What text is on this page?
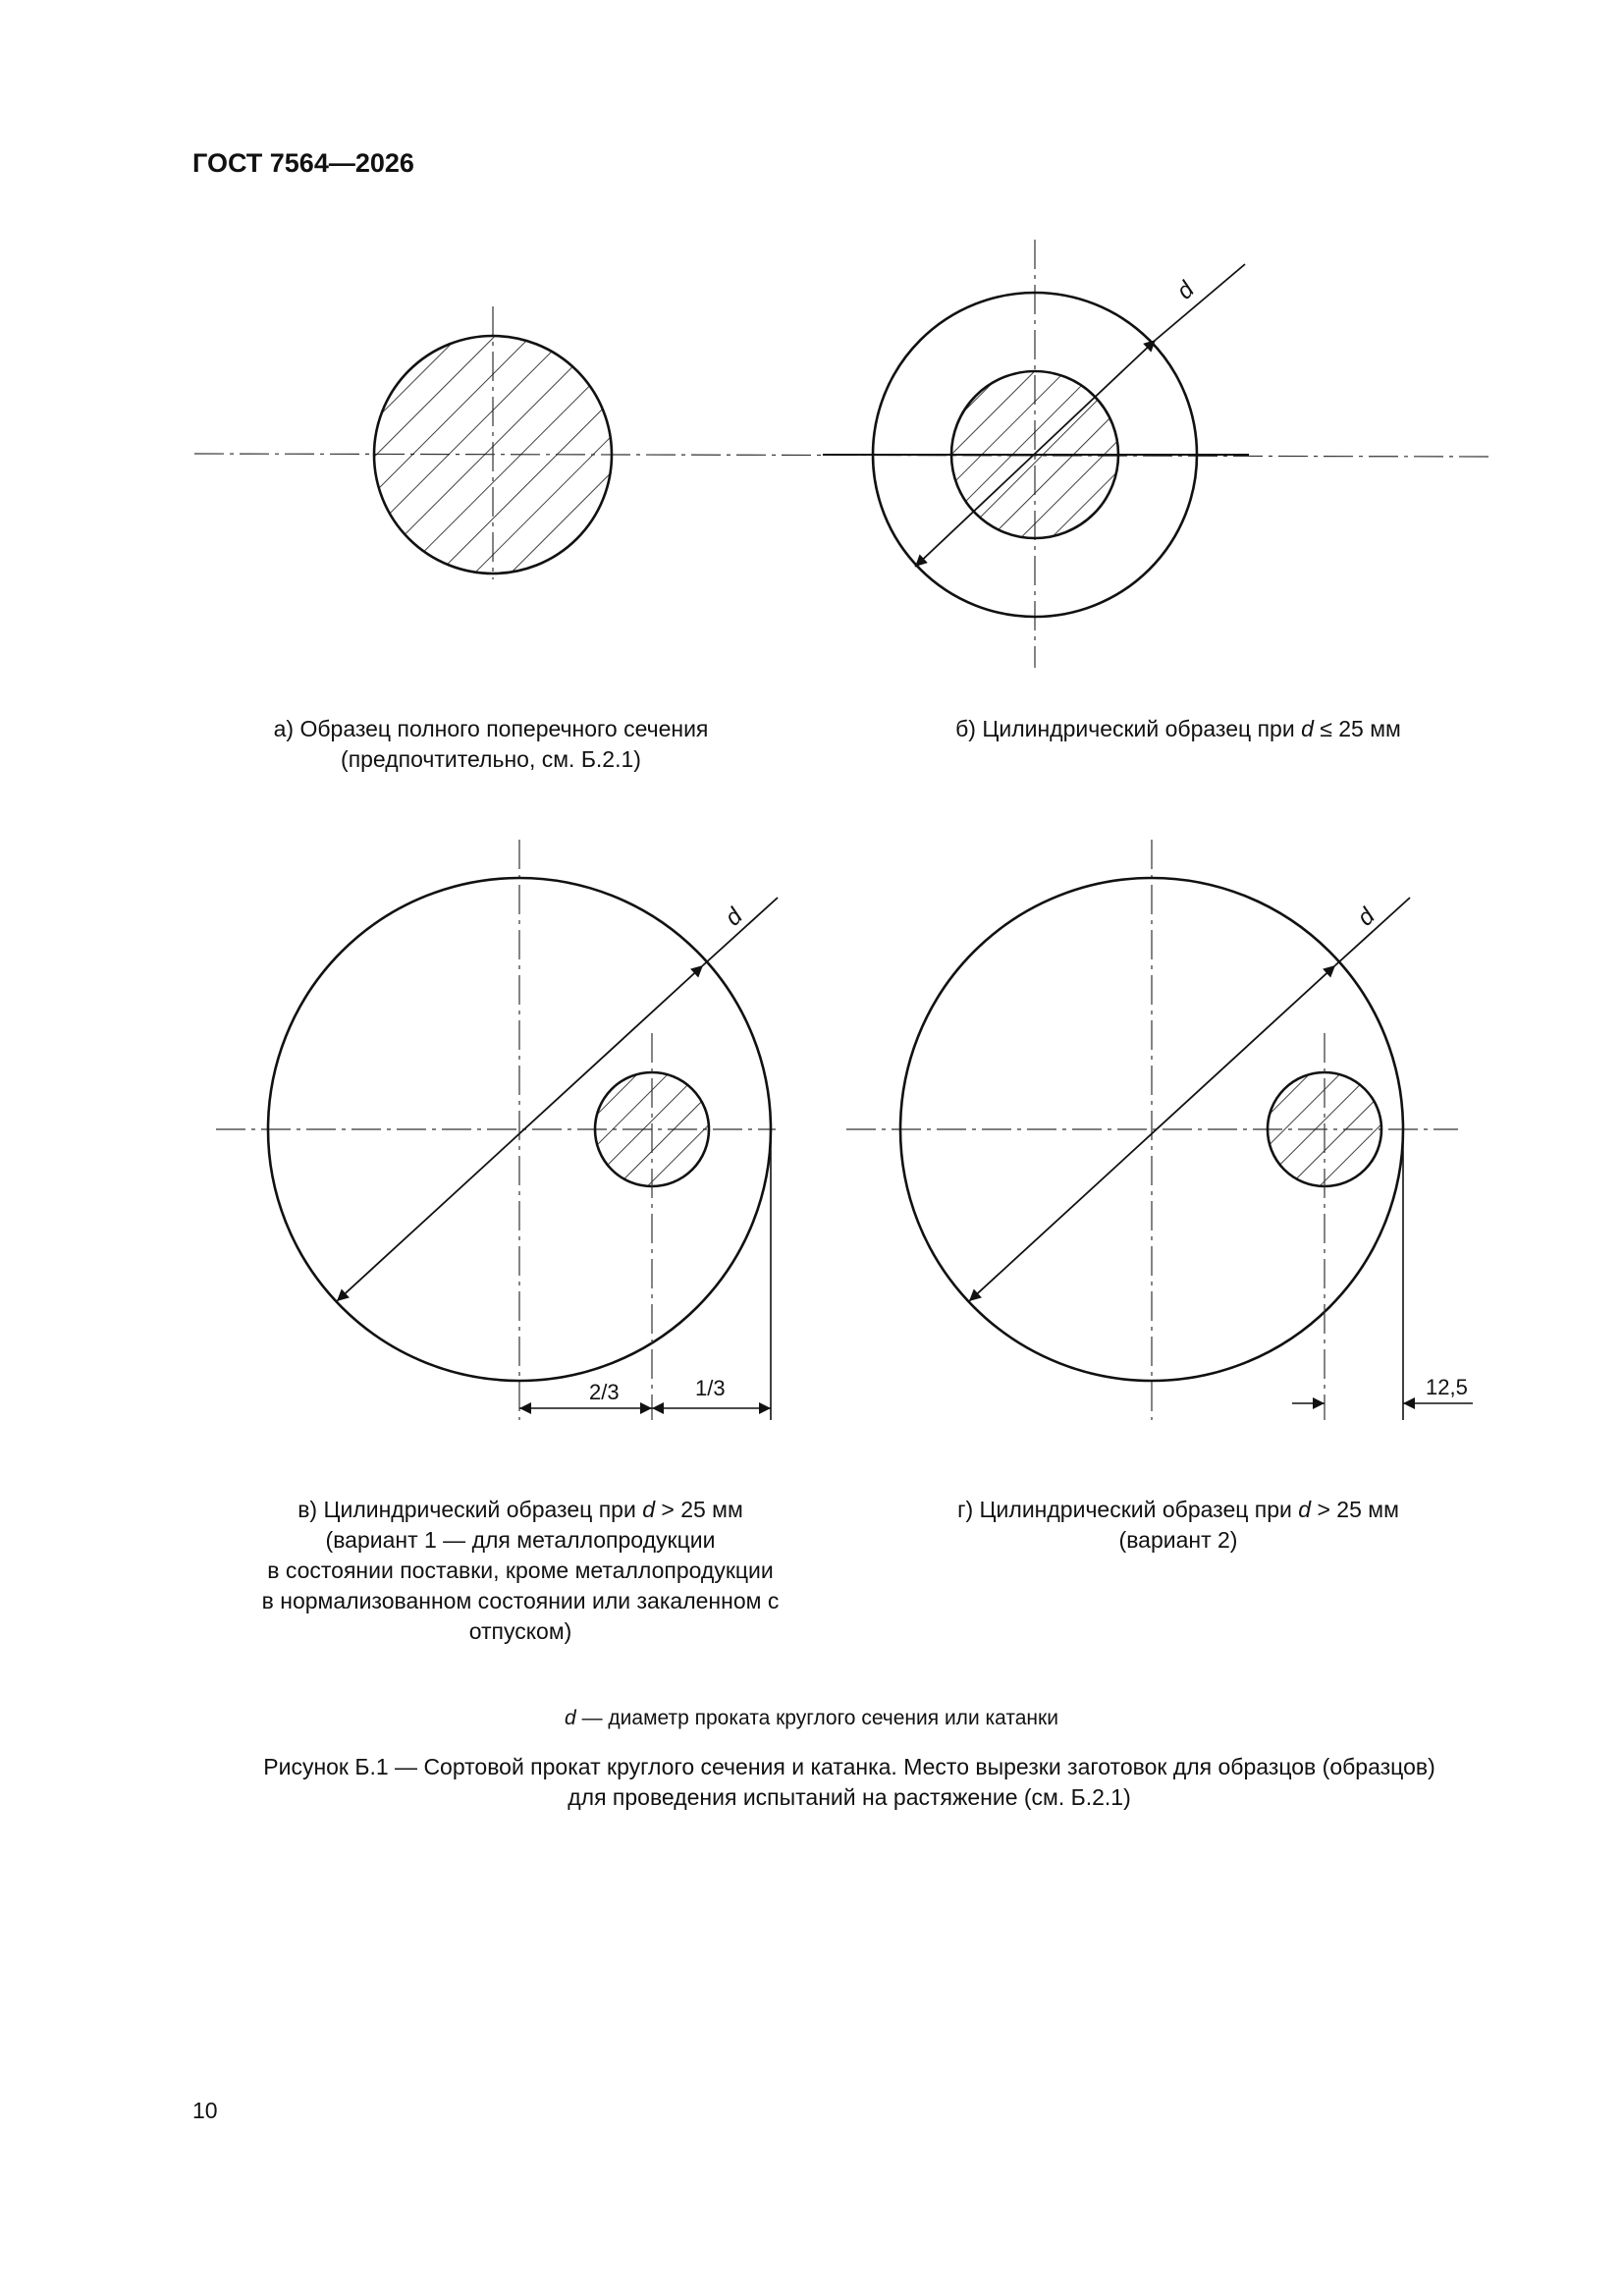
ГОСТ 7564—2026
d
d
2/3	1/3
d
12,5
а) Образец полного поперечного сечения
(предпочтительно, см. Б.2.1)
б) Цилиндрический образец при d ≤ 25 мм
в) Цилиндрический образец при d > 25 мм
(вариант 1 — для металлопродукции
в состоянии поставки, кроме металлопродукции
в нормализованном состоянии или закаленном с
отпуском)
г) Цилиндрический образец при d > 25 мм
(вариант 2)
d — диаметр проката круглого сечения или катанки
Рисунок Б.1 — Сортовой прокат круглого сечения и катанка. Место вырезки заготовок для образцов (образцов)
для проведения испытаний на растяжение (см. Б.2.1)
10
